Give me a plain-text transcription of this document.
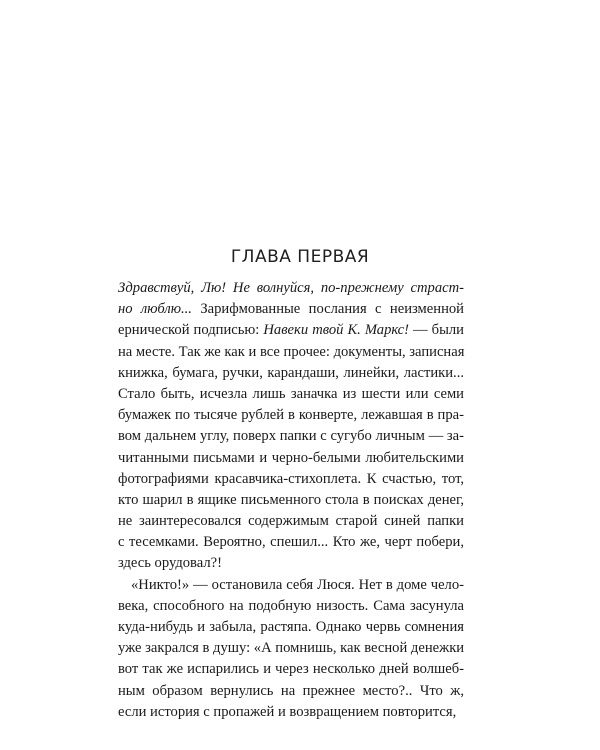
ГЛАВА ПЕРВАЯ
Здравствуй, Лю! Не волнуйся, по-прежнему страст-
но люблю... Зарифмованные послания с неизменной
ернической подписью: Навеки твой К. Маркс! — были
на месте. Так же как и все прочее: документы, записная
книжка, бумага, ручки, карандаши, линейки, ластики...
Стало быть, исчезла лишь заначка из шести или семи
бумажек по тысяче рублей в конверте, лежавшая в пра-
вом дальнем углу, поверх папки с сугубо личным — за-
читанными письмами и черно-белыми любительскими
фотографиями красавчика-стихоплета. К счастью, тот,
кто шарил в ящике письменного стола в поисках денег,
не заинтересовался содержимым старой синей папки
с тесемками. Вероятно, спешил... Кто же, черт побери,
здесь орудовал?!
«Никто!» — остановила себя Люся. Нет в доме чело-
века, способного на подобную низость. Сама засунула
куда-нибудь и забыла, растяпа. Однако червь сомнения
уже закрался в душу: «А помнишь, как весной денежки
вот так же испарились и через несколько дней волшеб-
ным образом вернулись на прежнее место?.. Что ж,
если история с пропажей и возвращением повторится,
